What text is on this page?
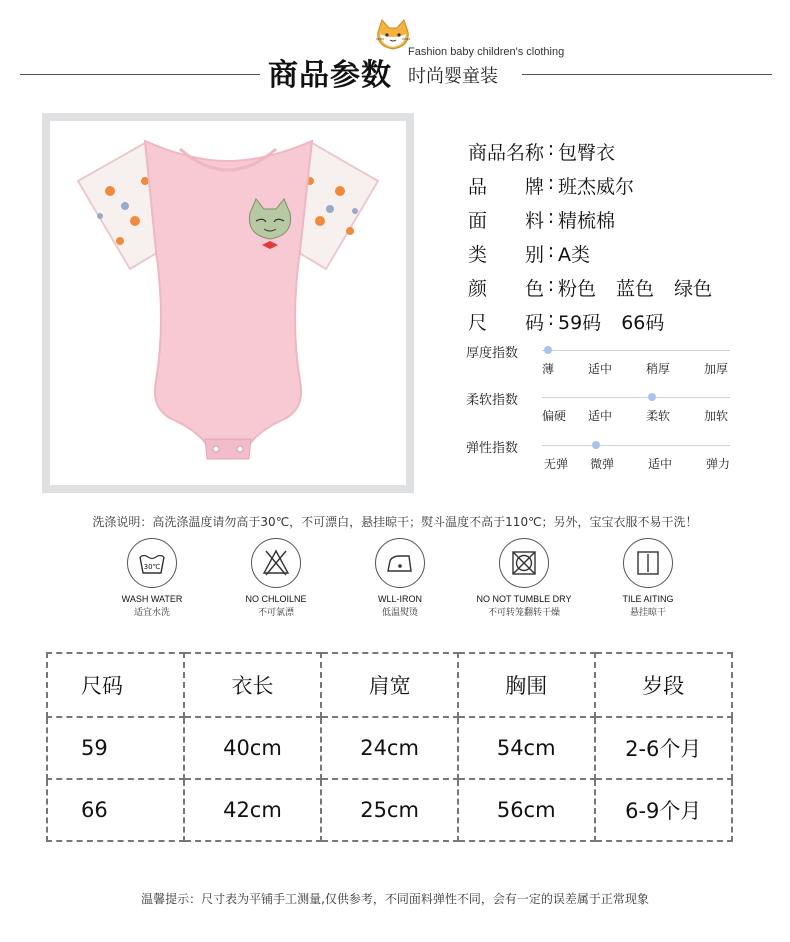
商品参数
Fashion baby children's clothing
时尚婴童装
商品名称 : 包臀衣
品牌 : 班杰威尔
面料 : 精梳棉
类别 : A类
颜色 : 粉色 蓝色 绿色
尺码 : 59码 66码
厚度指数
薄	适中	稍厚	加厚
柔软指数
偏硬 适中	柔软	加软
弹性指数
无弹 微弹	适中	弹力
洗涤说明：高洗涤温度请勿高于30℃，不可漂白，悬挂晾干；熨斗温度不高于110℃；另外，宝宝衣服不易干洗！
30℃
WASH WATER
适宜水洗
NO CHLOILNE
不可氯漂
WLL-IRON
低温熨烫
NO NOT TUMBLE DRY
不可转笼翻转干燥
TILE AITING
悬挂晾干
尺码	衣长	肩宽	胸围	岁段
59	40cm	24cm	54cm	2-6个月
66	42cm	25cm	56cm	6-9个月
温馨提示：尺寸表为平铺手工测量,仅供参考，不同面料弹性不同，会有一定的误差属于正常现象
